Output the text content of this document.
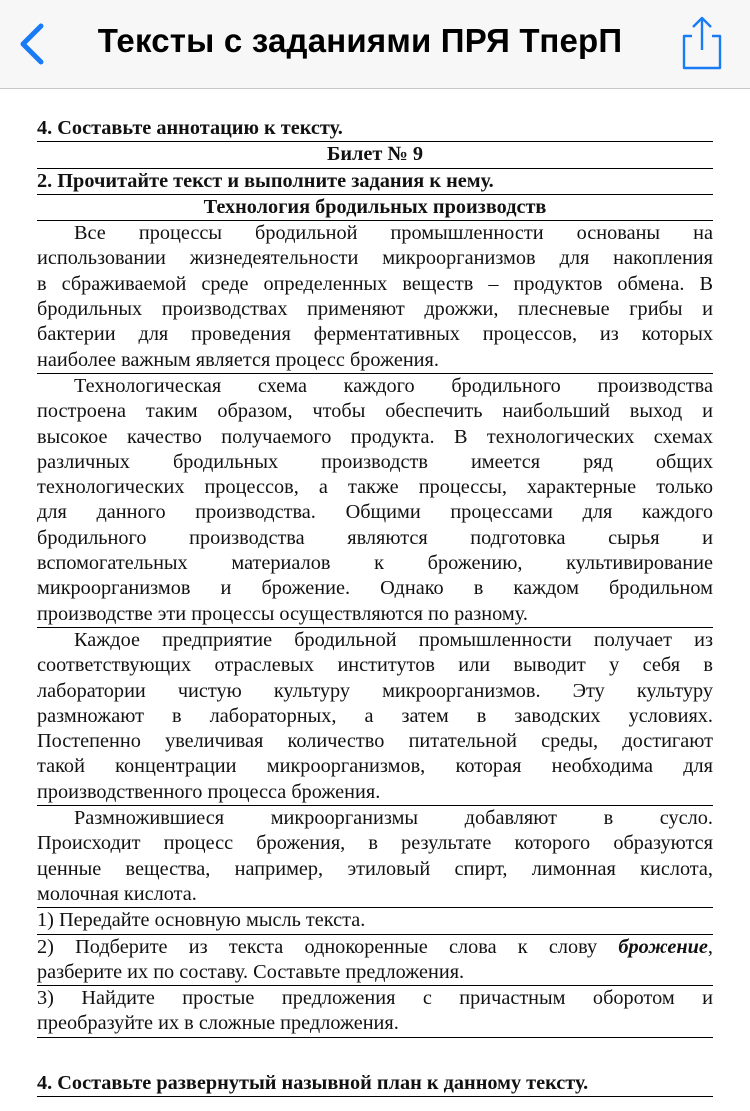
Тексты с заданиями ПРЯ ТперП
4. Составьте аннотацию к тексту.
Билет № 9
2. Прочитайте текст и выполните задания к нему.
Технология бродильных производств
Все процессы бродильной промышленности основаны на
использовании жизнедеятельности микроорганизмов для накопления
в сбраживаемой среде определенных веществ – продуктов обмена. В
бродильных производствах применяют дрожжи, плесневые грибы и
бактерии для проведения ферментативных процессов, из которых
наиболее важным является процесс брожения.
Технологическая схема каждого бродильного производства
построена таким образом, чтобы обеспечить наибольший выход и
высокое качество получаемого продукта. В технологических схемах
различных бродильных производств имеется ряд общих
технологических процессов, а также процессы, характерные только
для данного производства. Общими процессами для каждого
бродильного производства являются подготовка сырья и
вспомогательных материалов к брожению, культивирование
микроорганизмов и брожение. Однако в каждом бродильном
производстве эти процессы осуществляются по разному.
Каждое предприятие бродильной промышленности получает из
соответствующих отраслевых институтов или выводит у себя в
лаборатории чистую культуру микроорганизмов. Эту культуру
размножают в лабораторных, а затем в заводских условиях.
Постепенно увеличивая количество питательной среды, достигают
такой концентрации микроорганизмов, которая необходима для
производственного процесса брожения.
Размножившиеся микроорганизмы добавляют в сусло.
Происходит процесс брожения, в результате которого образуются
ценные вещества, например, этиловый спирт, лимонная кислота,
молочная кислота.
1) Передайте основную мысль текста.
2) Подберите из текста однокоренные слова к слову брожение,
разберите их по составу. Составьте предложения.
3) Найдите простые предложения с причастным оборотом и
преобразуйте их в сложные предложения.
4. Составьте развернутый назывной план к данному тексту.
